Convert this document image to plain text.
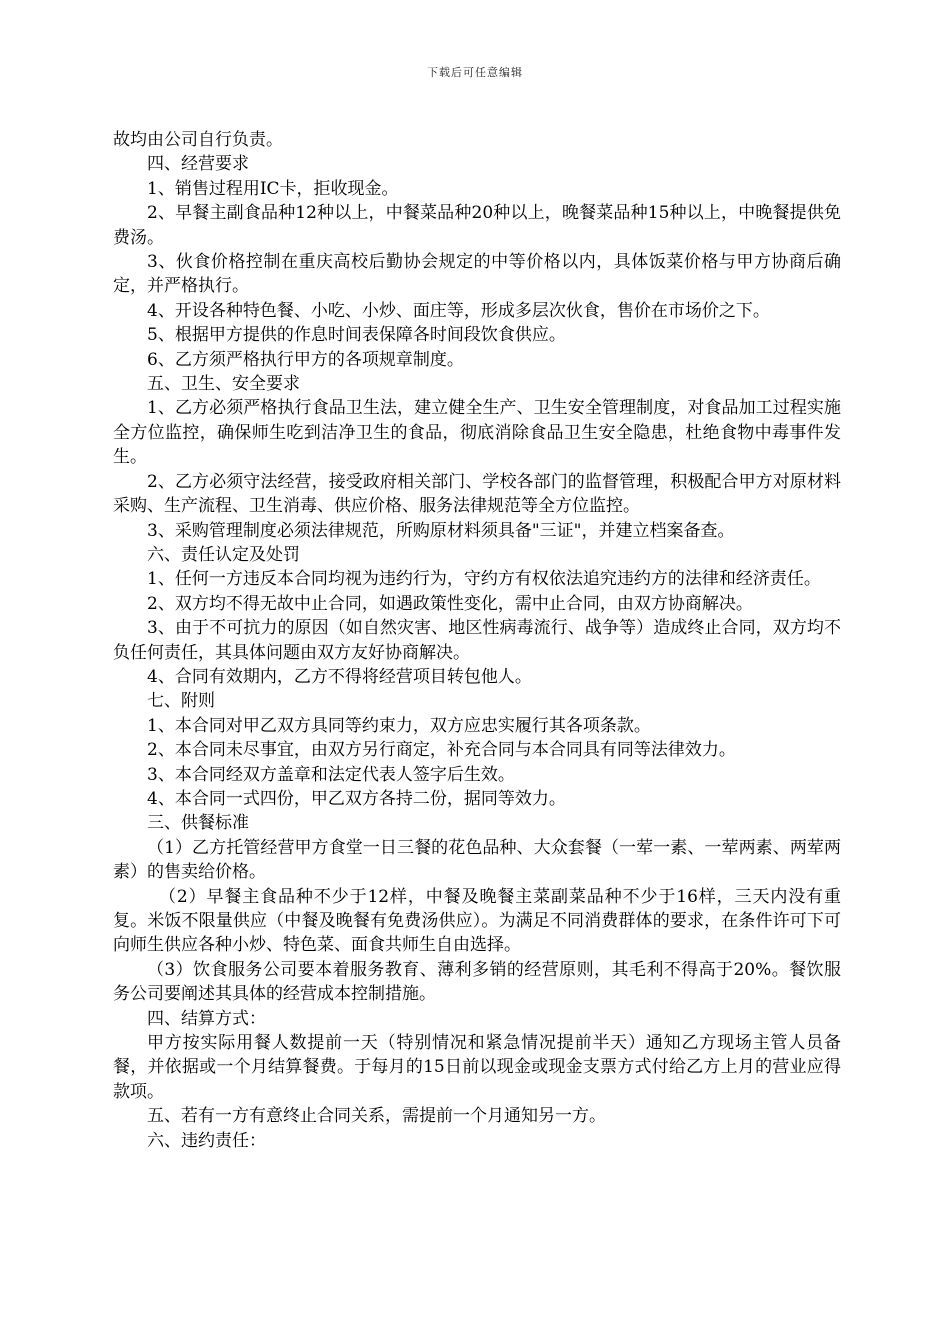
下载后可任意编辑

故均由公司自行负责。

四、经营要求

1、销售过程用IC卡，拒收现金。

2、早餐主副食品种12种以上，中餐菜品种20种以上，晚餐菜品种15种以上，中晚餐提供免费汤。

3、伙食价格控制在重庆高校后勤协会规定的中等价格以内，具体饭菜价格与甲方协商后确定，并严格执行。

4、开设各种特色餐、小吃、小炒、面庄等，形成多层次伙食，售价在市场价之下。

5、根据甲方提供的作息时间表保障各时间段饮食供应。

6、乙方须严格执行甲方的各项规章制度。

五、卫生、安全要求

1、乙方必须严格执行食品卫生法，建立健全生产、卫生安全管理制度，对食品加工过程实施全方位监控，确保师生吃到洁净卫生的食品，彻底消除食品卫生安全隐患，杜绝食物中毒事件发生。

2、乙方必须守法经营，接受政府相关部门、学校各部门的监督管理，积极配合甲方对原材料采购、生产流程、卫生消毒、供应价格、服务法律规范等全方位监控。

3、采购管理制度必须法律规范，所购原材料须具备"三证"，并建立档案备查。

六、责任认定及处罚

1、任何一方违反本合同均视为违约行为，守约方有权依法追究违约方的法律和经济责任。

2、双方均不得无故中止合同，如遇政策性变化，需中止合同，由双方协商解决。

3、由于不可抗力的原因（如自然灾害、地区性病毒流行、战争等）造成终止合同，双方均不负任何责任，其具体问题由双方友好协商解决。

4、合同有效期内，乙方不得将经营项目转包他人。

七、附则

1、本合同对甲乙双方具同等约束力，双方应忠实履行其各项条款。

2、本合同未尽事宜，由双方另行商定，补充合同与本合同具有同等法律效力。

3、本合同经双方盖章和法定代表人签字后生效。

4、本合同一式四份，甲乙双方各持二份，据同等效力。

三、供餐标准

（1）乙方托管经营甲方食堂一日三餐的花色品种、大众套餐（一荤一素、一荤两素、两荤两素）的售卖给价格。

（2）早餐主食品种不少于12样，中餐及晚餐主菜副菜品种不少于16样，三天内没有重复。米饭不限量供应（中餐及晚餐有免费汤供应）。为满足不同消费群体的要求，在条件许可下可向师生供应各种小炒、特色菜、面食共师生自由选择。

（3）饮食服务公司要本着服务教育、薄利多销的经营原则，其毛利不得高于20%。餐饮服务公司要阐述其具体的经营成本控制措施。

四、结算方式：

甲方按实际用餐人数提前一天（特别情况和紧急情况提前半天）通知乙方现场主管人员备餐，并依据或一个月结算餐费。于每月的15日前以现金或现金支票方式付给乙方上月的营业应得款项。

五、若有一方有意终止合同关系，需提前一个月通知另一方。

六、违约责任：
